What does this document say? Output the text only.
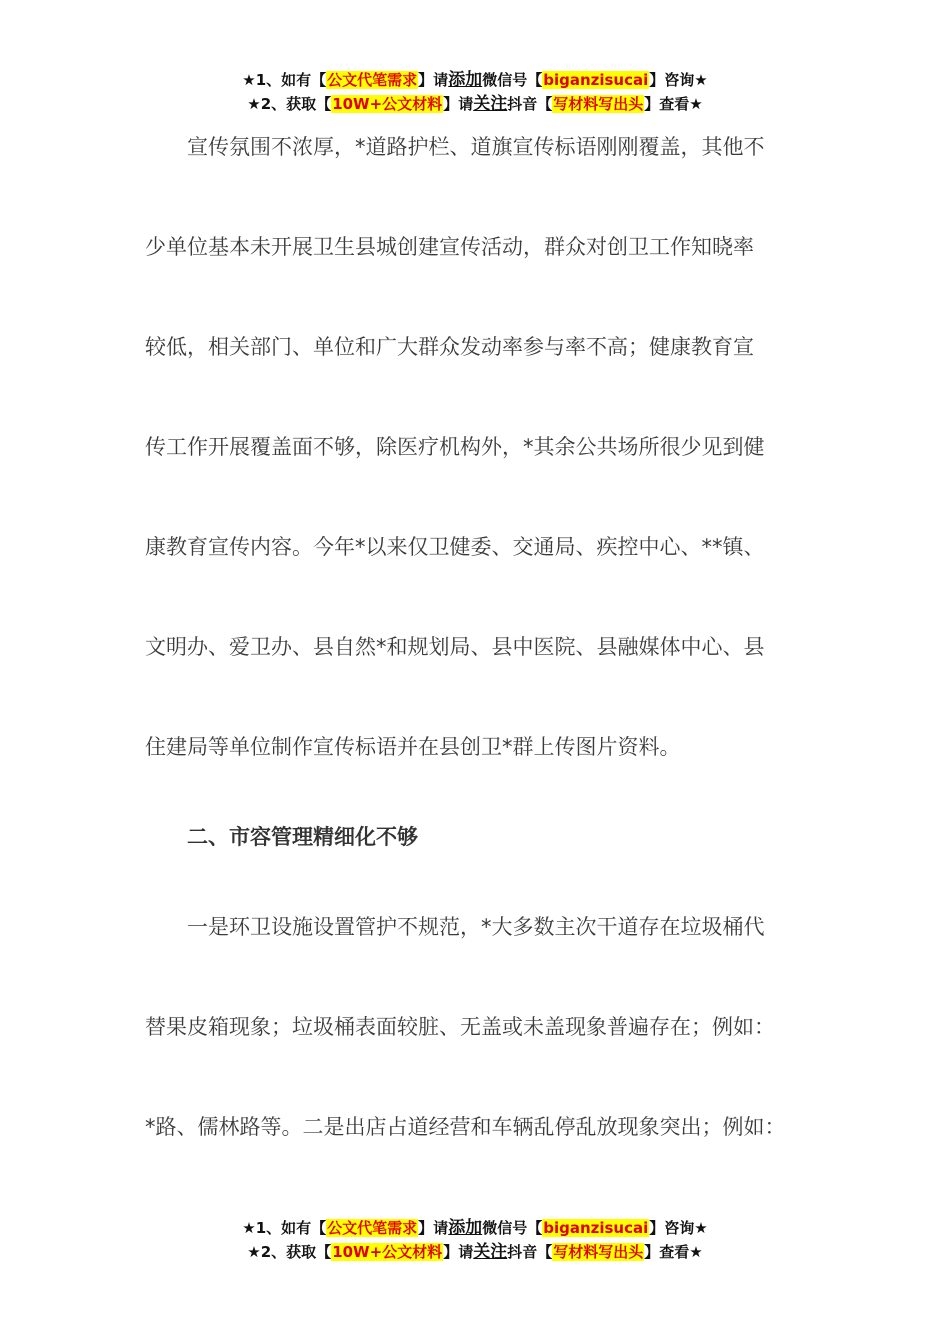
★1、如有【公文代笔需求】请添加微信号【biganzisucai】咨询★
★2、获取【10W+公文材料】请关注抖音【写材料写出头】查看★
　　宣传氛围不浓厚，*道路护栏、道旗宣传标语刚刚覆盖，其他不
少单位基本未开展卫生县城创建宣传活动，群众对创卫工作知晓率
较低，相关部门、单位和广大群众发动率参与率不高；健康教育宣
传工作开展覆盖面不够，除医疗机构外，*其余公共场所很少见到健
康教育宣传内容。今年*以来仅卫健委、交通局、疾控中心、**镇、
文明办、爱卫办、县自然*和规划局、县中医院、县融媒体中心、县
住建局等单位制作宣传标语并在县创卫*群上传图片资料。
　　二、市容管理精细化不够
　　一是环卫设施设置管护不规范，*大多数主次干道存在垃圾桶代
替果皮箱现象；垃圾桶表面较脏、无盖或未盖现象普遍存在；例如：
*路、儒林路等。二是出店占道经营和车辆乱停乱放现象突出；例如：
★1、如有【公文代笔需求】请添加微信号【biganzisucai】咨询★
★2、获取【10W+公文材料】请关注抖音【写材料写出头】查看★
